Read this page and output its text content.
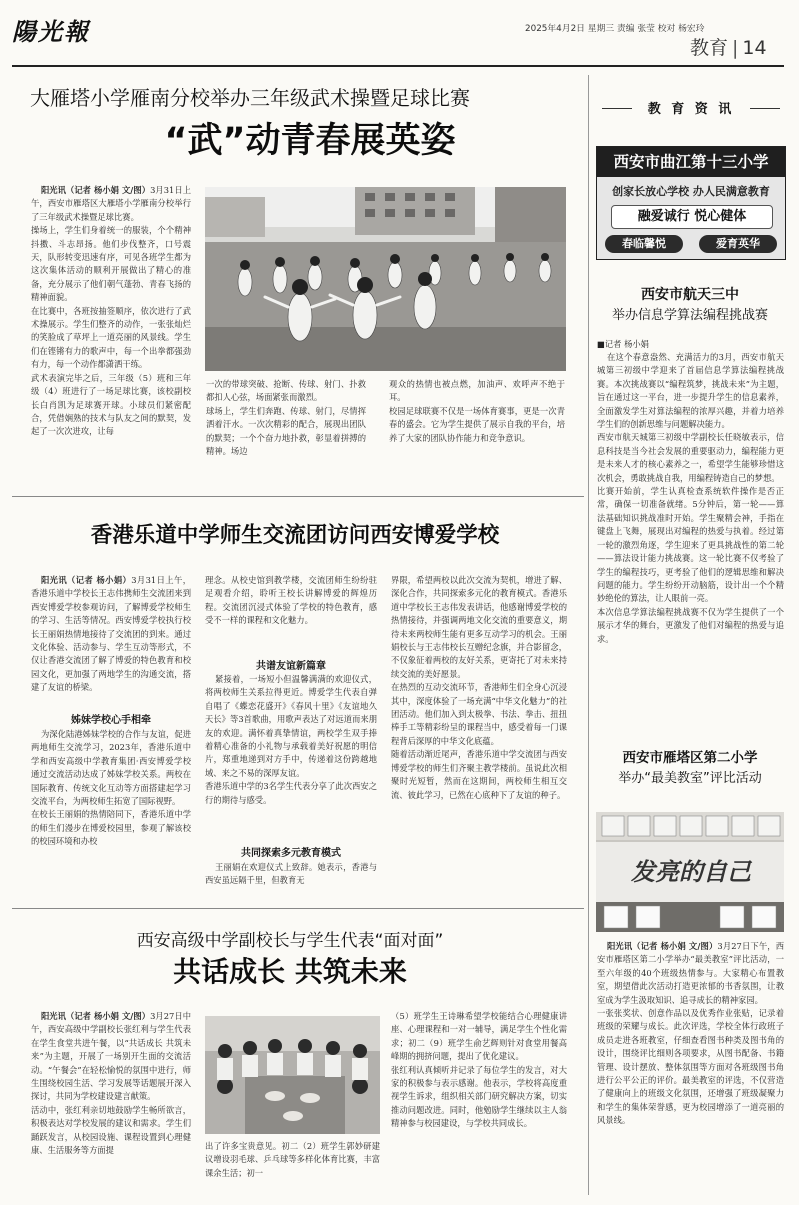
陽光報	2025年4月2日 星期三 责编 张莹 校对 杨宏玲
教育 | 14
大雁塔小学雁南分校举办三年级武术操暨足球比赛
“武”动青春展英姿

阳光讯（记者 杨小娟 文/图）3月31日上午，西安市雁塔区大雁塔小学雁南分校举行了三年级武术操暨足球比赛。
操场上，学生们身着统一的服装，个个精神抖擞、斗志昂扬。他们步伐整齐，口号震天，队形转变迅速有序，可见各班学生都为这次集体活动的顺利开展做出了精心的准备，充分展示了他们朝气蓬勃、青春飞扬的精神面貌。
在比赛中，各班按抽签顺序，依次进行了武术操展示。学生们整齐的动作，一张张灿烂的笑脸成了草坪上一道亮丽的风景线。学生们在铿锵有力的歌声中，每一个出拳都强劲有力，每一个动作都潇洒干练。
武术表演完毕之后，三年级（5）班和三年级（4）班进行了一场足球比赛，该校副校长白肖凯为足球赛开球。小球员们紧密配合，凭借娴熟的技术与队友之间的默契，发起了一次次进攻，让每

一次的带球突破、抢断、传球、射门、扑救都扣人心弦，场面紧张而激烈。
球场上，学生们奔跑、传球、射门，尽情挥洒着汗水。一次次精彩的配合，展现出团队的默契；一个个奋力地扑救，彰显着拼搏的精神。场边

观众的热情也被点燃，加油声、欢呼声不绝于耳。
校园足球联赛不仅是一场体育赛事，更是一次青春的盛会。它为学生提供了展示自我的平台，培养了大家的团队协作能力和竞争意识。

香港乐道中学师生交流团访问西安博爱学校

阳光讯（记者 杨小娟）3月31日上午，香港乐道中学校长王志伟携师生交流团来到西安博爱学校参观访问，了解博爱学校师生的学习、生活等情况。西安博爱学校执行校长王丽娟热情地接待了交流团的到来。通过文化体验、活动参与、学生互动等形式，不仅让香港交流团了解了博爱的特色教育和校园文化，更加强了两地学生的沟通交流，搭建了友谊的桥梁。

姊妹学校心手相牵

为深化陆港姊妹学校的合作与友谊，促进两地师生交流学习，2023年，香港乐道中学和西安高级中学教育集团·西安博爱学校通过交流活动达成了姊妹学校关系。两校在国际教育、传统文化互动等方面搭建起学习交流平台，为两校师生拓宽了国际视野。
在校长王丽娟的热情陪同下，香港乐道中学的师生们漫步在博爱校园里，参观了解该校的校园环境和办校

理念。从校史馆到教学楼，交流团师生纷纷驻足观看介绍，聆听王校长讲解博爱的辉煌历程。交流团沉浸式体验了学校的特色教育，感受不一样的课程和文化魅力。

共谱友谊新篇章

紧接着，一场短小但温馨满满的欢迎仪式，将两校师生关系拉得更近。博爱学生代表自弹自唱了《蝶恋花盛开》《春风十里》《友谊地久天长》等3首歌曲，用歌声表达了对远道而来朋友的欢迎。满怀着真挚情谊，两校学生双手捧着精心准备的小礼物与承载着美好祝愿的明信片，郑重地递到对方手中，传递着这份跨越地域、来之不易的深厚友谊。
香港乐道中学的3名学生代表分享了此次西安之行的期待与感受。

共同探索多元教育模式

王丽娟在欢迎仪式上致辞。她表示，香港与西安虽远隔千里，但教育无

界限，希望两校以此次交流为契机，增进了解、深化合作，共同探索多元化的教育模式。香港乐道中学校长王志伟发表讲话，他感谢博爱学校的热情接待，并强调两地文化交流的重要意义，期待未来两校师生能有更多互动学习的机会。王丽娟校长与王志伟校长互赠纪念旗，并合影留念，不仅象征着两校的友好关系，更寄托了对未来持续交流的美好愿景。
在热烈的互动交流环节，香港师生们全身心沉浸其中，深度体验了一场充满“中华文化魅力”的社团活动。他们加入到太极拳、书法、拳击、扭扭棒手工等精彩纷呈的课程当中，感受着每一门课程背后深厚的中华文化底蕴。
随着活动渐近尾声，香港乐道中学交流团与西安博爱学校的师生们齐聚主教学楼前。虽说此次相聚时光短暂，然而在这期间，两校师生相互交流、彼此学习，已然在心底种下了友谊的种子。

西安高级中学副校长与学生代表“面对面”
共话成长 共筑未来

阳光讯（记者 杨小娟 文/图）3月27日中午，西安高级中学副校长张红利与学生代表在学生食堂共进午餐，以“共话成长 共筑未来”为主题，开展了一场别开生面的交流活动。“午餐会”在轻松愉悦的氛围中进行，师生围绕校园生活、学习发展等话题展开深入探讨，共同为学校建设建言献策。
活动中，张红利亲切地鼓励学生畅所欲言，积极表达对学校发展的建议和需求。学生们踊跃发言，从校园设施、课程设置到心理健康、生活服务等方面提	出了许多宝贵意见。初二（2）班学生郭妙研建议增设羽毛球、乒乓球等多样化体育比赛，丰富课余生活；初一

（5）班学生王诗琳希望学校能结合心理健康讲座、心理课程和一对一辅导，满足学生个性化需求；初二（9）班学生俞艺辉则针对食堂用餐高峰期的拥挤问题，提出了优化建议。
张红利认真倾听并记录了每位学生的发言，对大家的积极参与表示感谢。他表示，学校将高度重视学生诉求，组织相关部门研究解决方案，切实推动问题改进。同时，他勉励学生继续以主人翁精神参与校园建设，与学校共同成长。

教 育 资 讯
西安市曲江第十三小学
创家长放心学校 办人民满意教育
融爱诚行 悦心健体
春临馨悦	爱育英华
西安市航天三中
举办信息学算法编程挑战赛
■记者 杨小娟

在这个春意盎然、充满活力的3月，西安市航天城第三初级中学迎来了首届信息学算法编程挑战赛。本次挑战赛以“编程筑梦，挑战未来”为主题，旨在通过这一平台，进一步提升学生的信息素养，全面激发学生对算法编程的浓厚兴趣，并着力培养学生们的创新思维与问题解决能力。
西安市航天城第三初级中学副校长任晓敏表示，信息科技是当今社会发展的重要驱动力，编程能力更是未来人才的核心素养之一，希望学生能够珍惜这次机会，勇敢挑战自我，用编程铸造自己的梦想。
比赛开始前，学生认真检查系统软件操作是否正常，确保一切准备就绪。5分钟后，第一轮——算法基础知识挑战准时开始。学生聚精会神，手指在键盘上飞舞，展现出对编程的热爱与执着。经过第一轮的激烈角逐，学生迎来了更具挑战性的第二轮——算法设计能力挑战赛。这一轮比赛不仅考验了学生的编程技巧，更考验了他们的逻辑思维和解决问题的能力。学生纷纷开动脑筋，设计出一个个精妙绝伦的算法，让人眼前一亮。
本次信息学算法编程挑战赛不仅为学生提供了一个展示才华的舞台，更激发了他们对编程的热爱与追求。

西安市雁塔区第二小学
举办“最美教室”评比活动
发亮的自己

阳光讯（记者 杨小娟 文/图）3月27日下午，西安市雁塔区第二小学举办“最美教室”评比活动，一至六年级的40个班级热情参与。大家精心布置教室，期望借此次活动打造更浓郁的书香氛围，让教室成为学生汲取知识、追寻成长的精神家园。
一张张奖状、创意作品以及优秀作业张贴，记录着班级的荣耀与成长。此次评选，学校全体行政班子成员走进各班教室，仔细查看图书种类及图书角的设计，围绕评比细则各项要求，从图书配备、书籍管理、设计摆放、整体氛围等方面对各班级图书角进行公平公正的评价。最美教室的评选，不仅营造了健康向上的班级文化氛围，还增强了班级凝聚力和学生的集体荣誉感，更为校园增添了一道亮丽的风景线。
